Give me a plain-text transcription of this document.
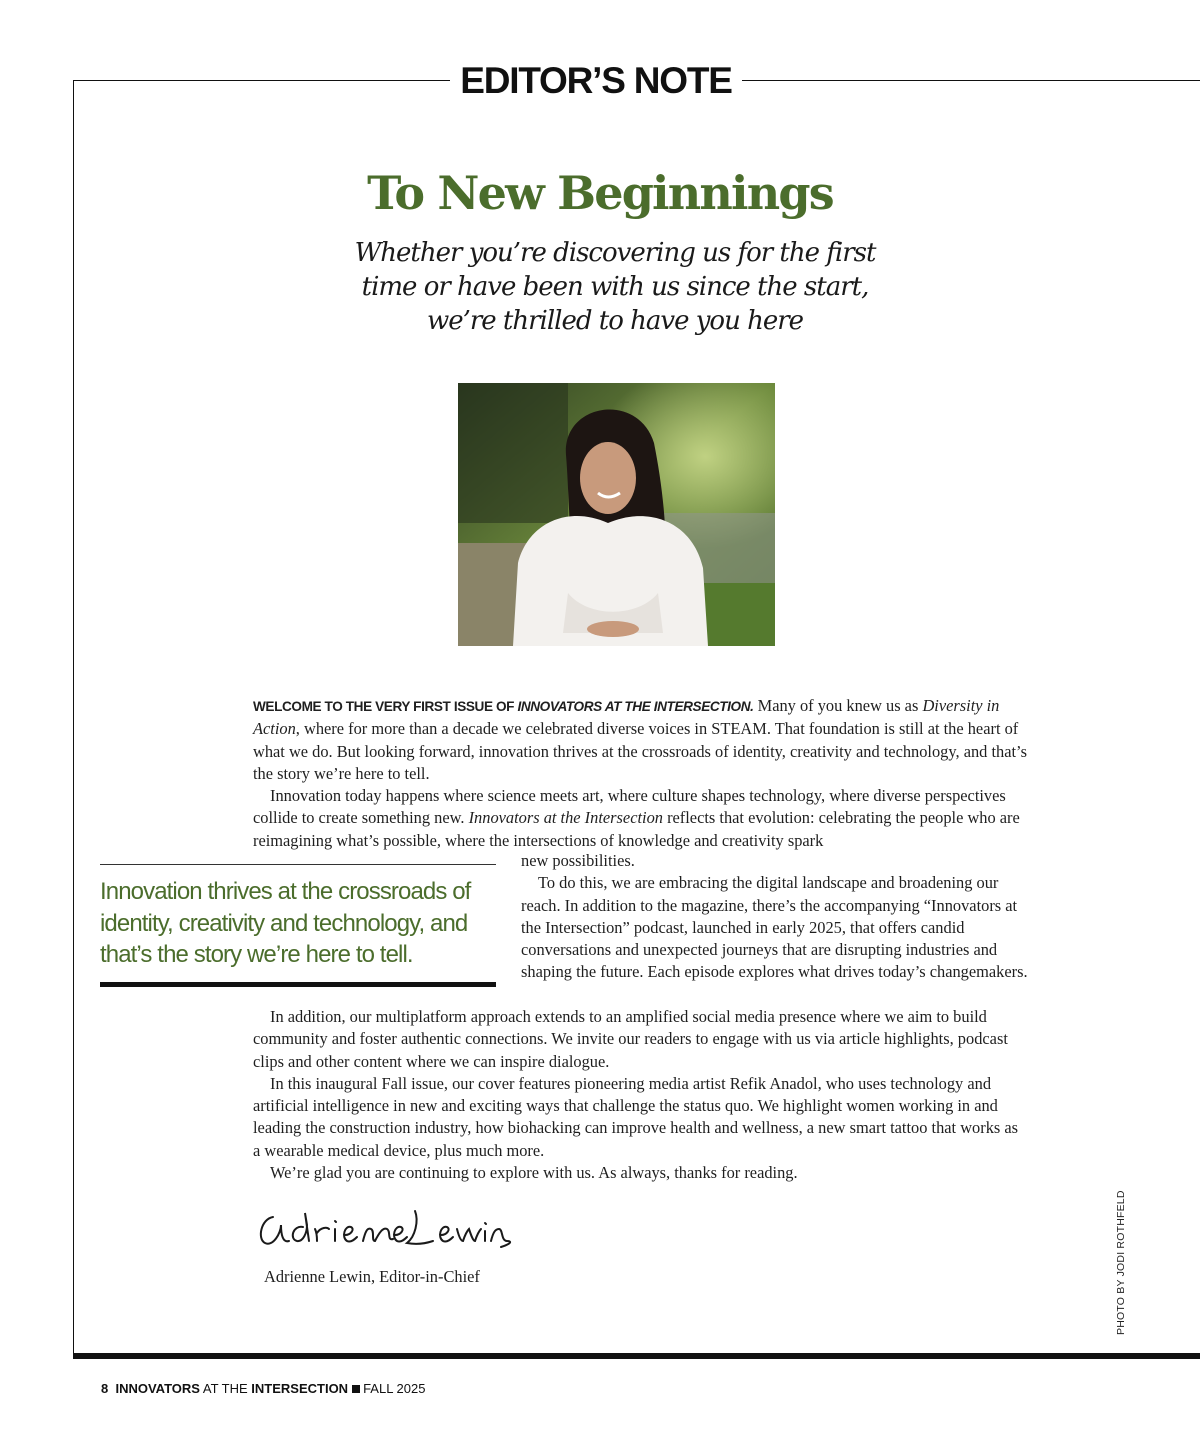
EDITOR’S NOTE
To New Beginnings
Whether you’re discovering us for the first time or have been with us since the start, we’re thrilled to have you here

WELCOME TO THE VERY FIRST ISSUE OF INNOVATORS AT THE INTERSECTION. Many of you knew us as Diversity in Action, where for more than a decade we celebrated diverse voices in STEAM. That foundation is still at the heart of what we do. But looking forward, innovation thrives at the crossroads of identity, creativity and technology, and that’s the story we’re here to tell.

Innovation today happens where science meets art, where culture shapes technology, where diverse perspectives collide to create something new. Innovators at the Intersection reflects that evolution: celebrating the people who are reimagining what’s possible, where the intersections of knowledge and creativity spark

new possibilities.

To do this, we are embracing the digital landscape and broadening our reach. In addition to the magazine, there’s the accompanying “Innovators at the Intersection” podcast, launched in early 2025, that offers candid conversations and unexpected journeys that are disrupting industries and shaping the future. Each episode explores what drives today’s changemakers.

Innovation thrives at the crossroads of identity, creativity and technology, and that’s the story we’re here to tell.

In addition, our multiplatform approach extends to an amplified social media presence where we aim to build community and foster authentic connections. We invite our readers to engage with us via article highlights, podcast clips and other content where we can inspire dialogue.

In this inaugural Fall issue, our cover features pioneering media artist Refik Anadol, who uses technology and artificial intelligence in new and exciting ways that challenge the status quo. We highlight women working in and leading the construction industry, how biohacking can improve health and wellness, a new smart tattoo that works as a wearable medical device, plus much more.

We’re glad you are continuing to explore with us. As always, thanks for reading.

Adrienne Lewin, Editor-in-Chief	PHOTO BY JODI ROTHFELD
8 INNOVATORS AT THE INTERSECTION FALL 2025
